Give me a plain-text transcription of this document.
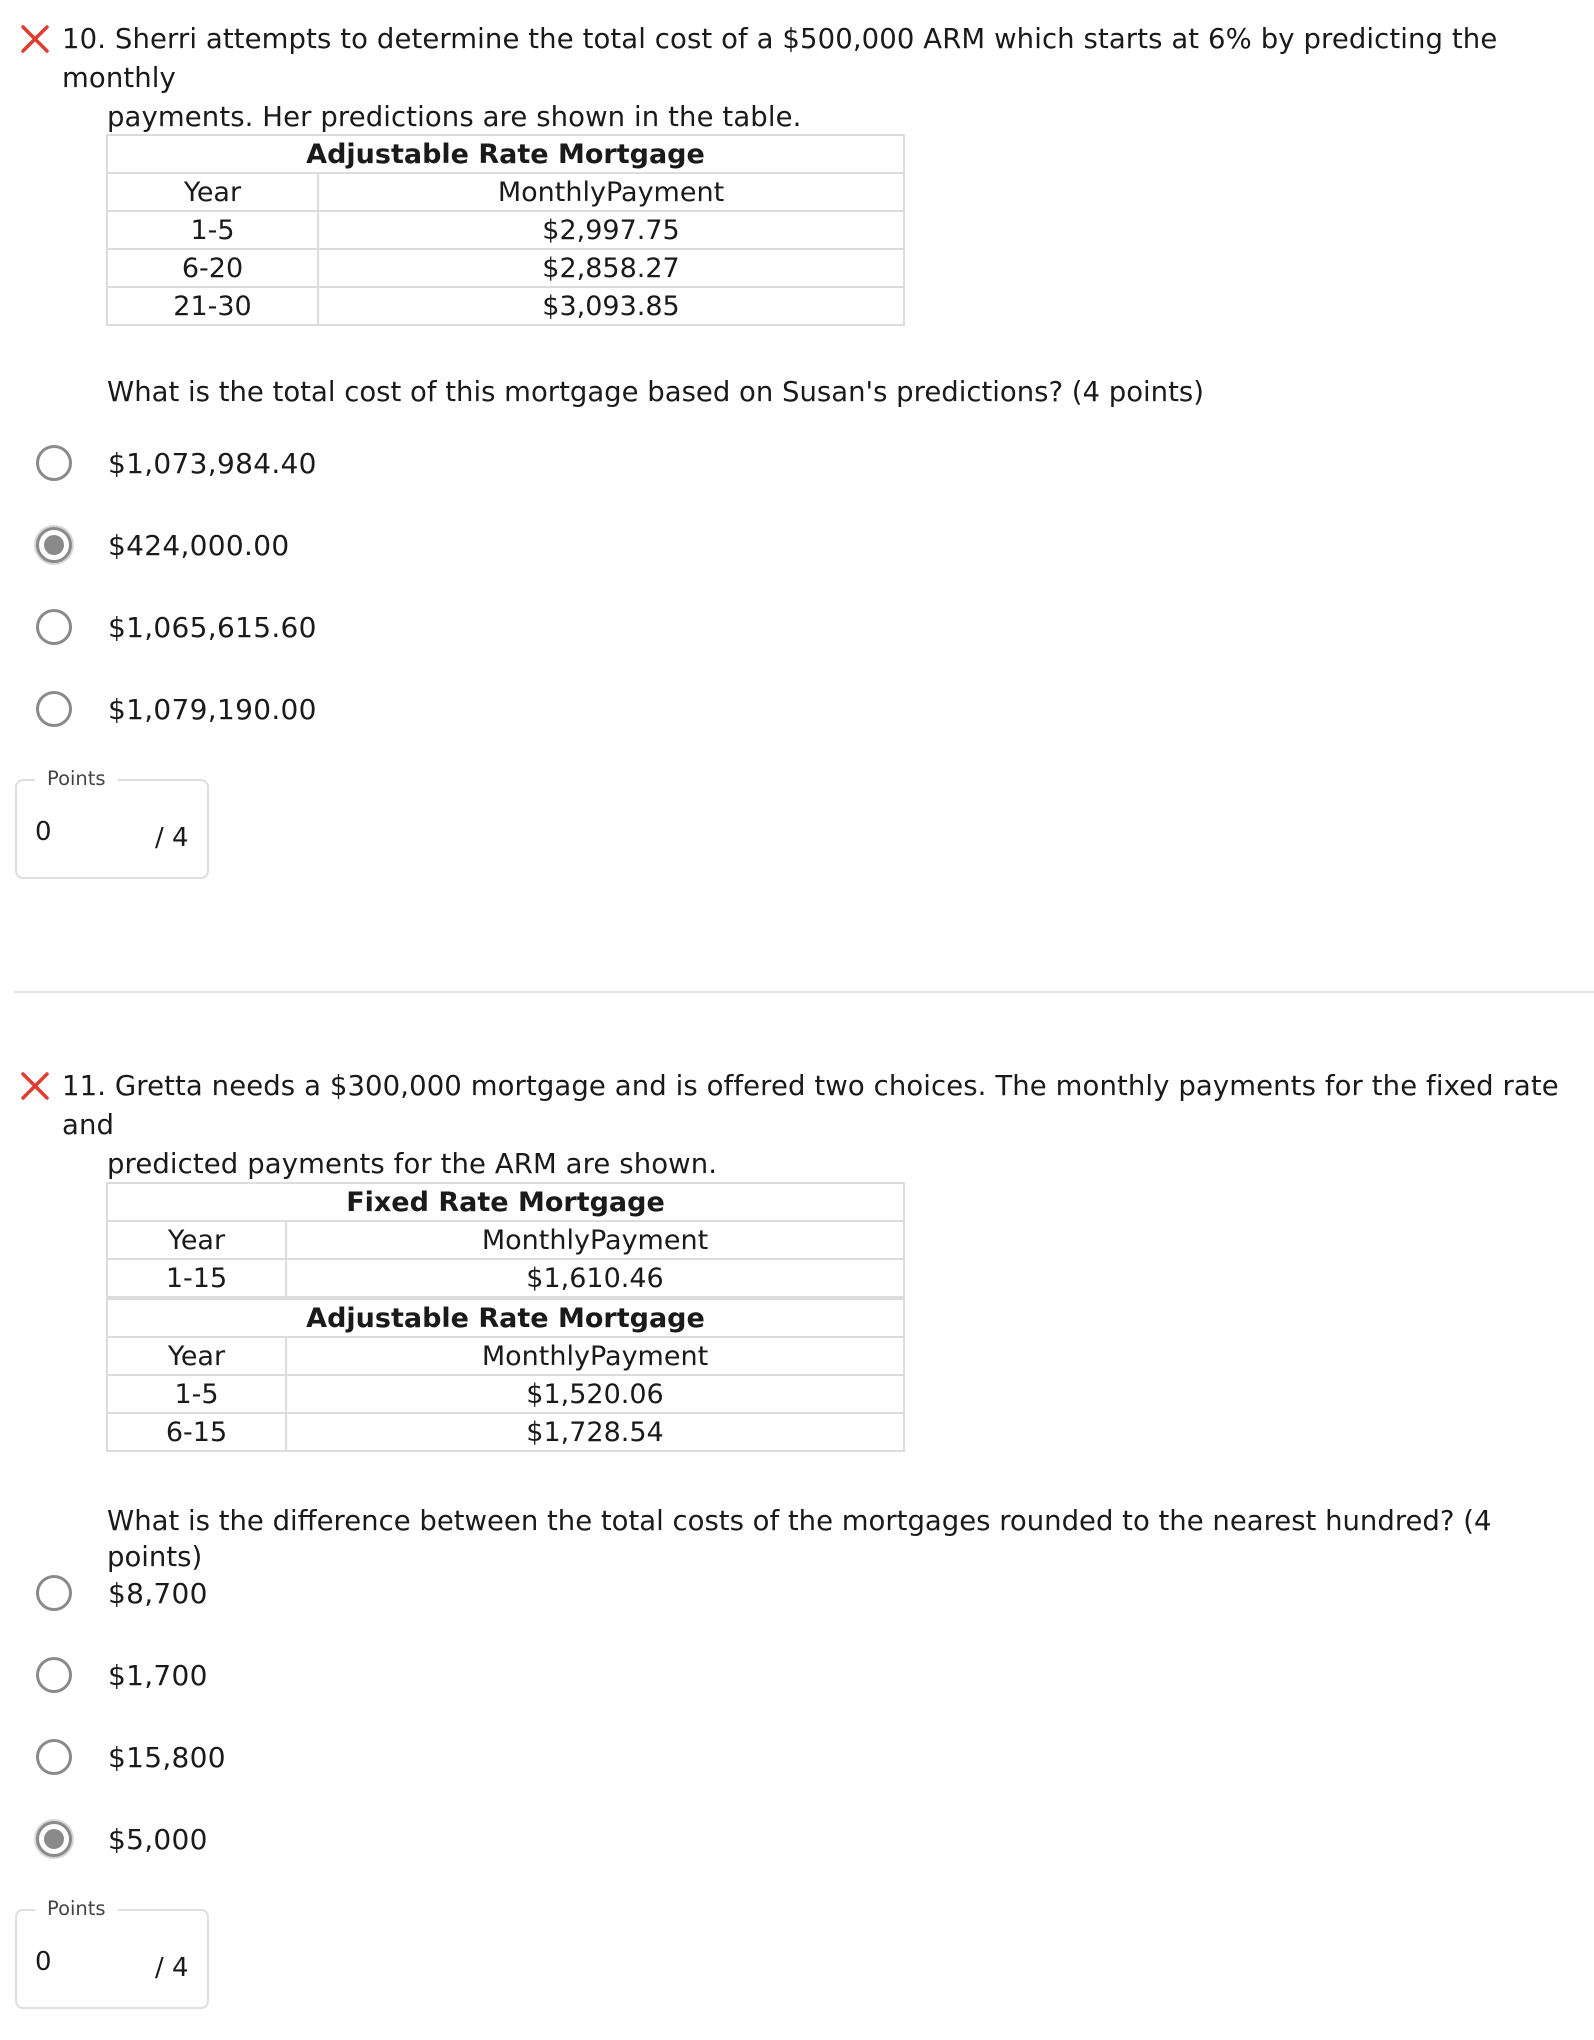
10. Sherri attempts to determine the total cost of a $500,000 ARM which starts at 6% by predicting the monthly
payments. Her predictions are shown in the table.
Adjustable Rate Mortgage	
Year	MonthlyPayment
1-5	$2,997.75
6-20	$2,858.27
21-30	$3,093.85
What is the total cost of this mortgage based on Susan's predictions? (4 points)
$1,073,984.40
$424,000.00
$1,065,615.60
$1,079,190.00
Points
0	/ 4
11. Gretta needs a $300,000 mortgage and is offered two choices. The monthly payments for the fixed rate and
predicted payments for the ARM are shown.
Fixed Rate Mortgage	
Year	MonthlyPayment
1-15	$1,610.46
Adjustable Rate Mortgage	
Year	MonthlyPayment
1-5	$1,520.06
6-15	$1,728.54
What is the difference between the total costs of the mortgages rounded to the nearest hundred? (4 points)
$8,700
$1,700
$15,800
$5,000
Points
0	/ 4
